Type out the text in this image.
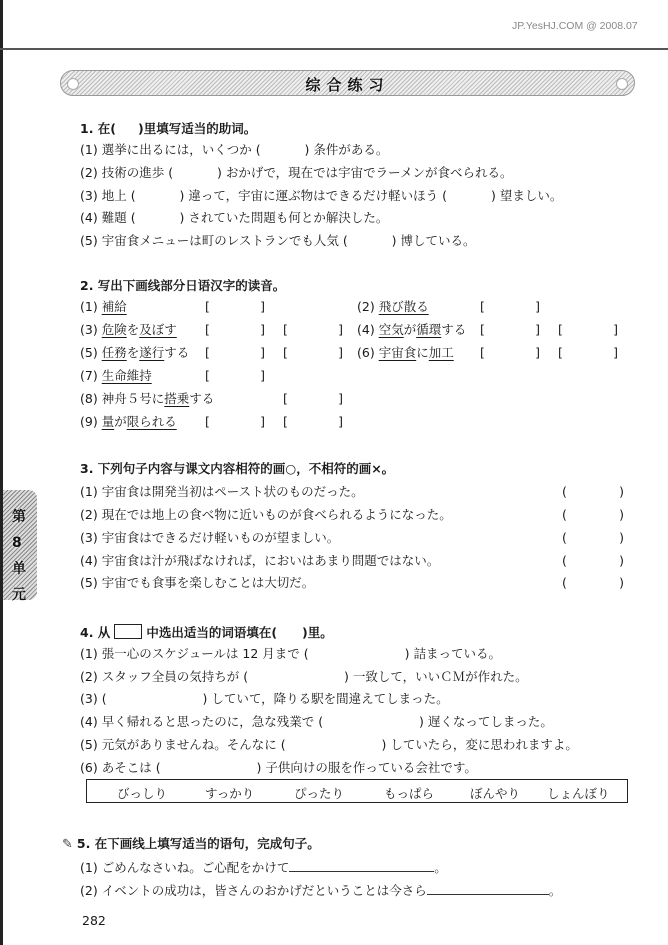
JP.YesHJ.COM @ 2008.07
综合练习
第8单元
1. 在( )里填写适当的助词。
(1) 選挙に出るには，いくつか (	) 条件がある。
(2) 技術の進歩 (	) おかげで，現在では宇宙でラーメンが食べられる。
(3) 地上 (	) 違って，宇宙に運ぶ物はできるだけ軽いほう (	) 望ましい。
(4) 難題 (	) されていた問題も何とか解決した。
(5) 宇宙食メニューは町のレストランでも人気 (	) 博している。
2. 写出下画线部分日语汉字的读音。
(1) 補給	[	]	(2) 飛び散る	[	]
(3) 危険を及ぼす [	] [	] (4) 空気が循環する [	] [	]
(5) 任務を遂行する [	] [	] (6) 宇宙食に加工 [	] [	]
(7) 生命維持	[	]
(8) 神舟５号に搭乗する	[	]
(9) 量が限られる [	] [	]
3. 下列句子内容与课文内容相符的画○，不相符的画×。
(1) 宇宙食は開発当初はペースト状のものだった。	(	)
(2) 現在では地上の食べ物に近いものが食べられるようになった。	(	)
(3) 宇宙食はできるだけ軽いものが望ましい。	(	)
(4) 宇宙食は汁が飛ばなければ，においはあまり問題ではない。	(	)
(5) 宇宙でも食事を楽しむことは大切だ。	(	)
4. 从	中选出适当的词语填在(　　)里。
(1) 張一心のスケジュールは 12 月まで (	) 詰まっている。
(2) スタッフ全員の気持ちが (	) 一致して，いいＣＭが作れた。
(3) (	) していて，降りる駅を間違えてしまった。
(4) 早く帰れると思ったのに，急な残業で (	) 遅くなってしまった。
(5) 元気がありませんね。そんなに (	) していたら，変に思われますよ。
(6) あそこは (	) 子供向けの服を作っている会社です。
びっしり	すっかり	ぴったり	もっぱら	ぼんやり しょんぼり
✎ 5. 在下画线上填写适当的语句，完成句子。
(1) ごめんなさいね。ご心配をかけて	。
(2) イベントの成功は，皆さんのおかげだということは今さら	。
282
